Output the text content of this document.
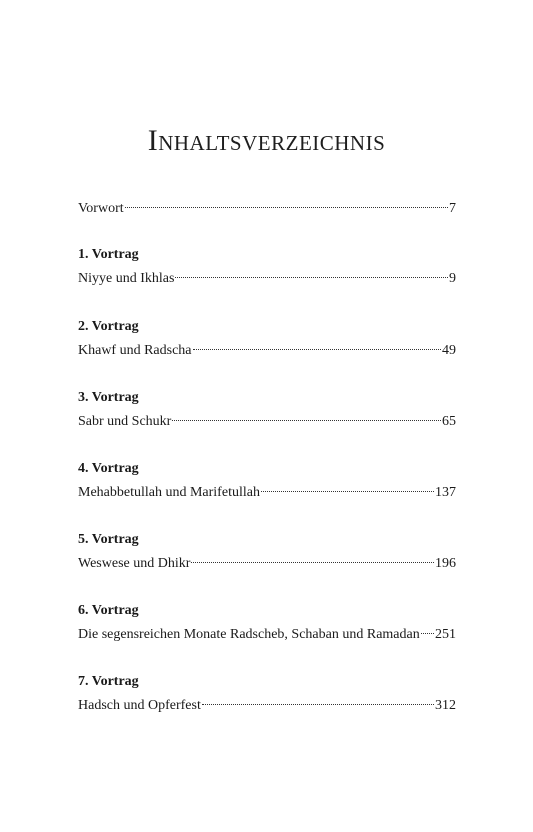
Inhaltsverzeichnis
Vorwort	7
1. Vortrag
Niyye und Ikhlas	9
2. Vortrag
Khawf und Radscha	49
3. Vortrag
Sabr und Schukr	65
4. Vortrag
Mehabbetullah und Marifetullah	137
5. Vortrag
Weswese und Dhikr	196
6. Vortrag
Die segensreichen Monate Radscheb, Schaban und Ramadan 251
7. Vortrag
Hadsch und Opferfest	312
